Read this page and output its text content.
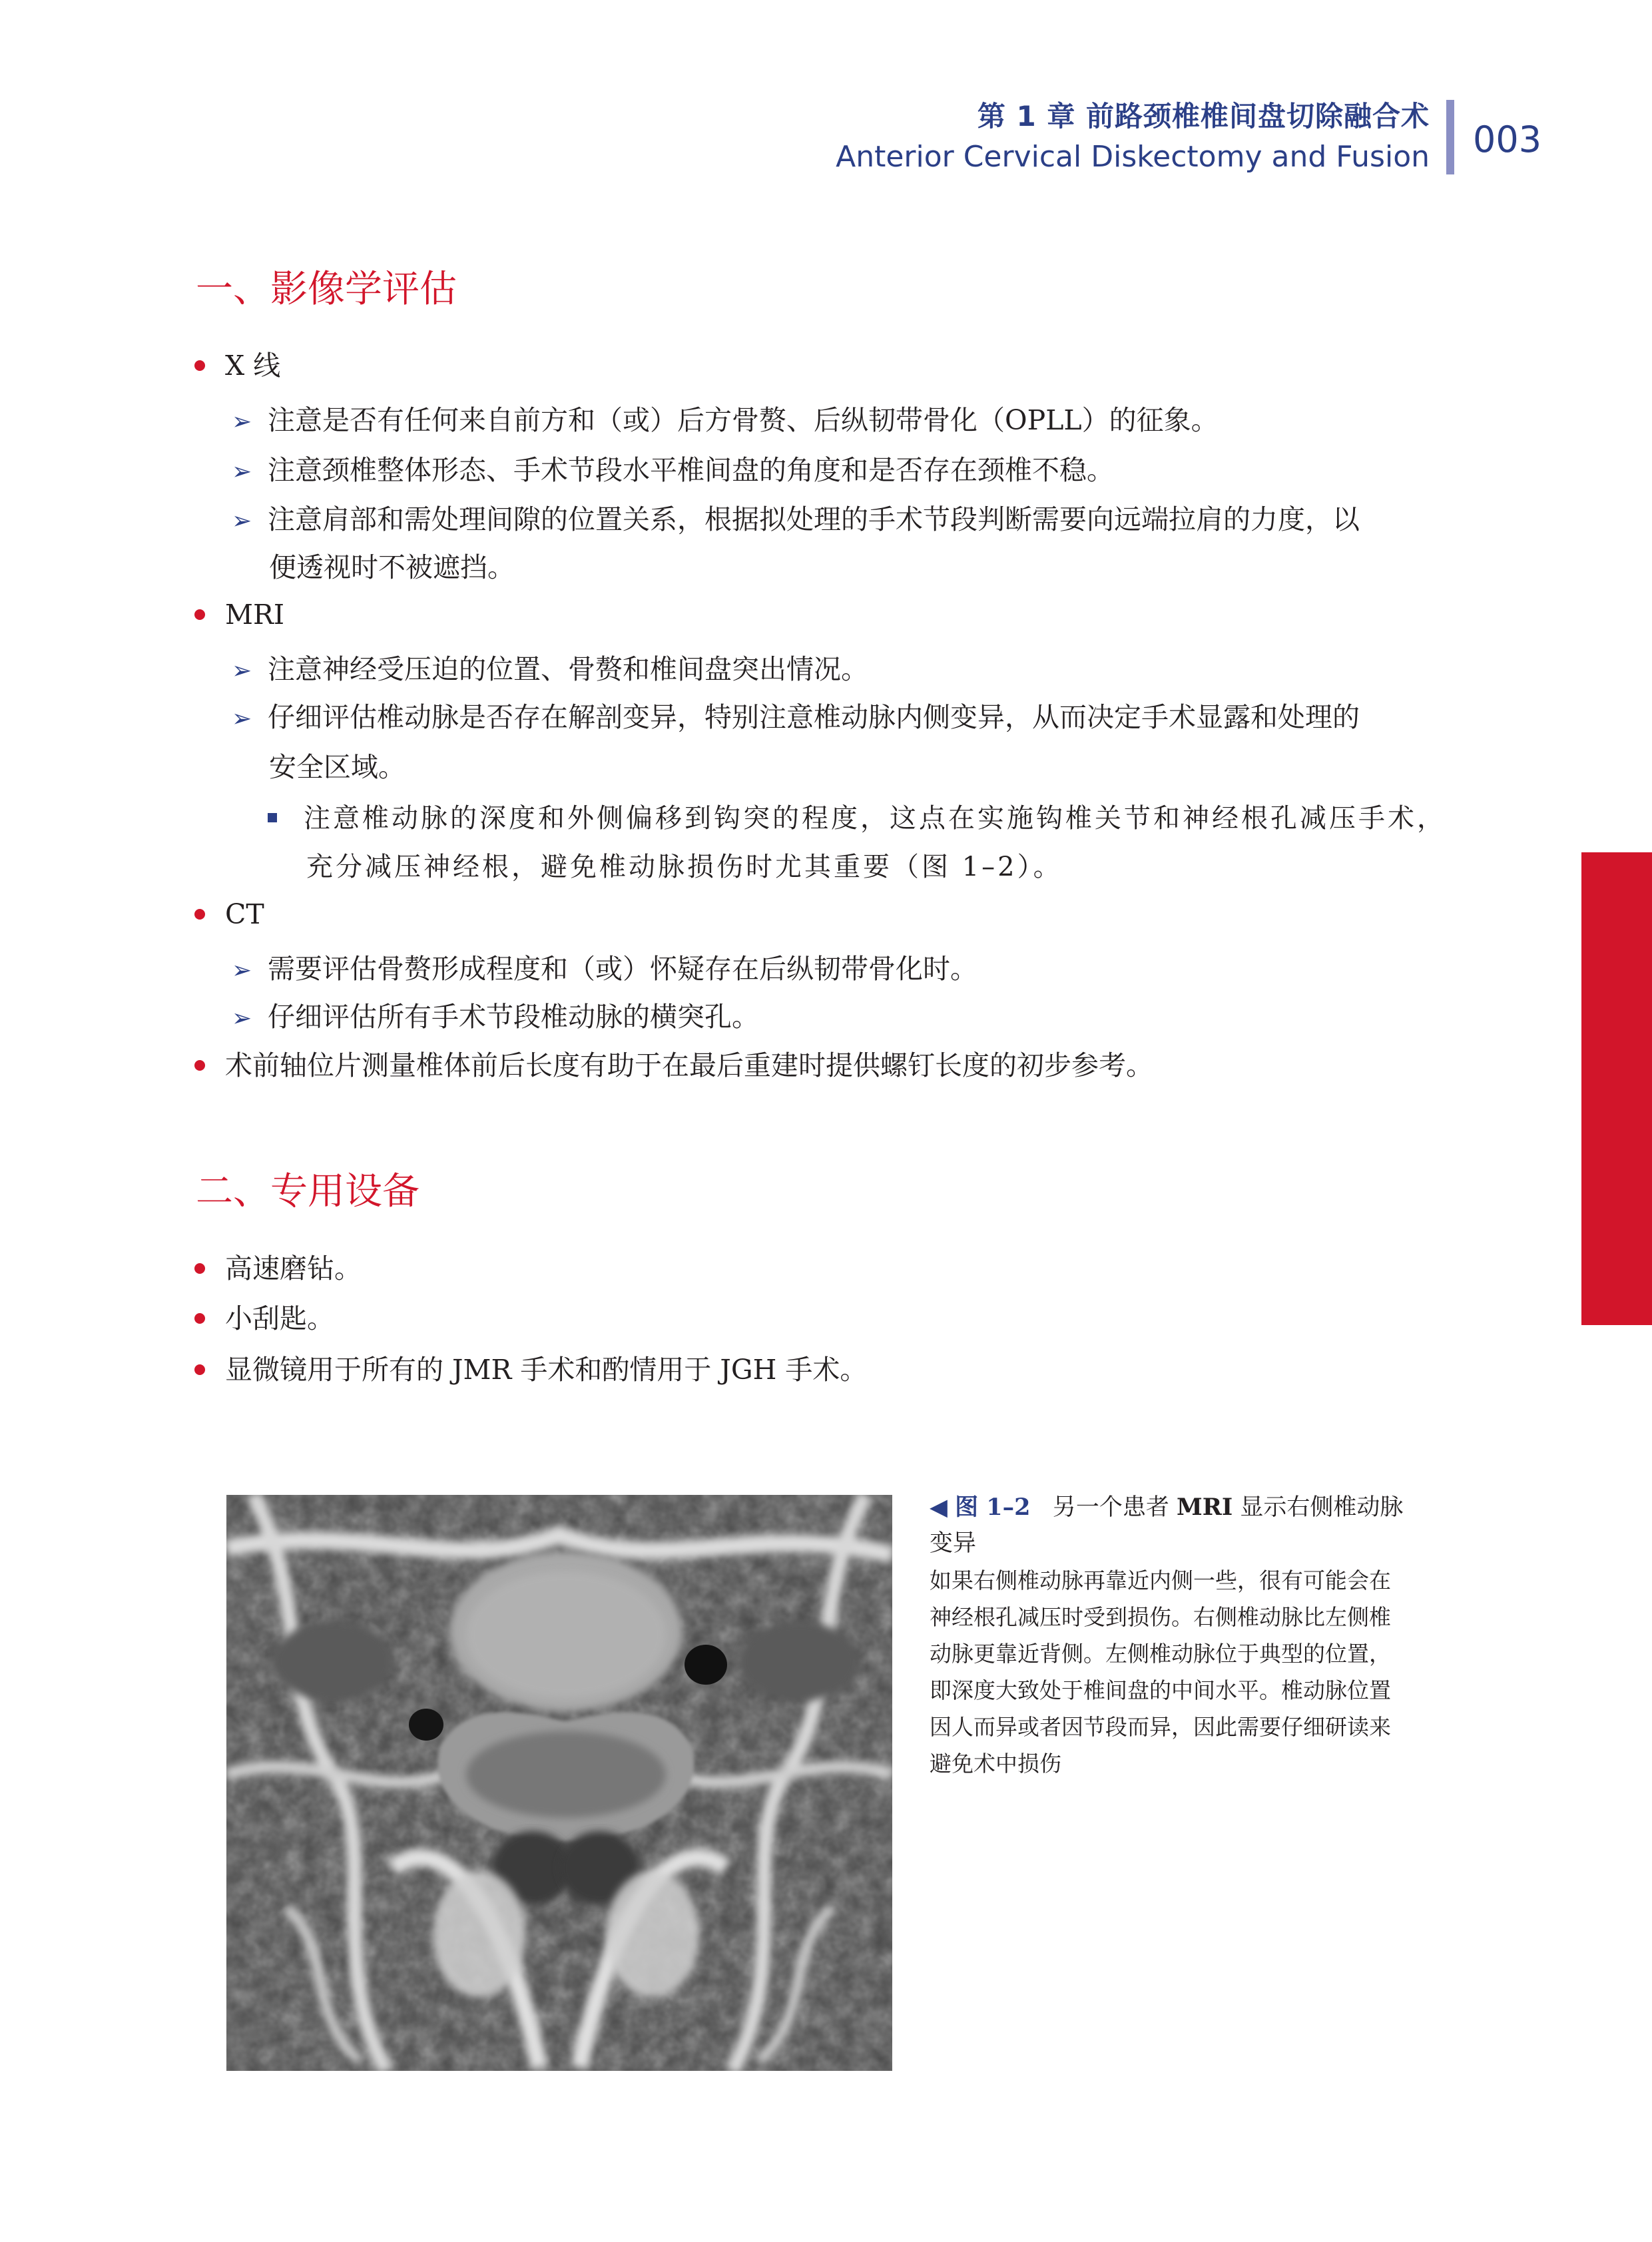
第 1 章 前路颈椎椎间盘切除融合术
Anterior Cervical Diskectomy and Fusion 003
一、影像学评估
X 线
➢ 注意是否有任何来自前方和（或）后方骨赘、后纵韧带骨化（OPLL）的征象。
➢ 注意颈椎整体形态、手术节段水平椎间盘的角度和是否存在颈椎不稳。
➢ 注意肩部和需处理间隙的位置关系，根据拟处理的手术节段判断需要向远端拉肩的力度，以
便透视时不被遮挡。
MRI
➢ 注意神经受压迫的位置、骨赘和椎间盘突出情况。
➢ 仔细评估椎动脉是否存在解剖变异，特别注意椎动脉内侧变异，从而决定手术显露和处理的
安全区域。
注意椎动脉的深度和外侧偏移到钩突的程度，这点在实施钩椎关节和神经根孔减压手术，
充分减压神经根，避免椎动脉损伤时尤其重要（图 1–2）。
CT
➢ 需要评估骨赘形成程度和（或）怀疑存在后纵韧带骨化时。
➢ 仔细评估所有手术节段椎动脉的横突孔。
术前轴位片测量椎体前后长度有助于在最后重建时提供螺钉长度的初步参考。
二、专用设备
高速磨钻。
小刮匙。
显微镜用于所有的 JMR 手术和酌情用于 JGH 手术。
◀ 图 1–2 另一个患者 MRI 显示右侧椎动脉
变异
如果右侧椎动脉再靠近内侧一些，很有可能会在
神经根孔减压时受到损伤。右侧椎动脉比左侧椎
动脉更靠近背侧。左侧椎动脉位于典型的位置，
即深度大致处于椎间盘的中间水平。椎动脉位置
因人而异或者因节段而异，因此需要仔细研读来
避免术中损伤
